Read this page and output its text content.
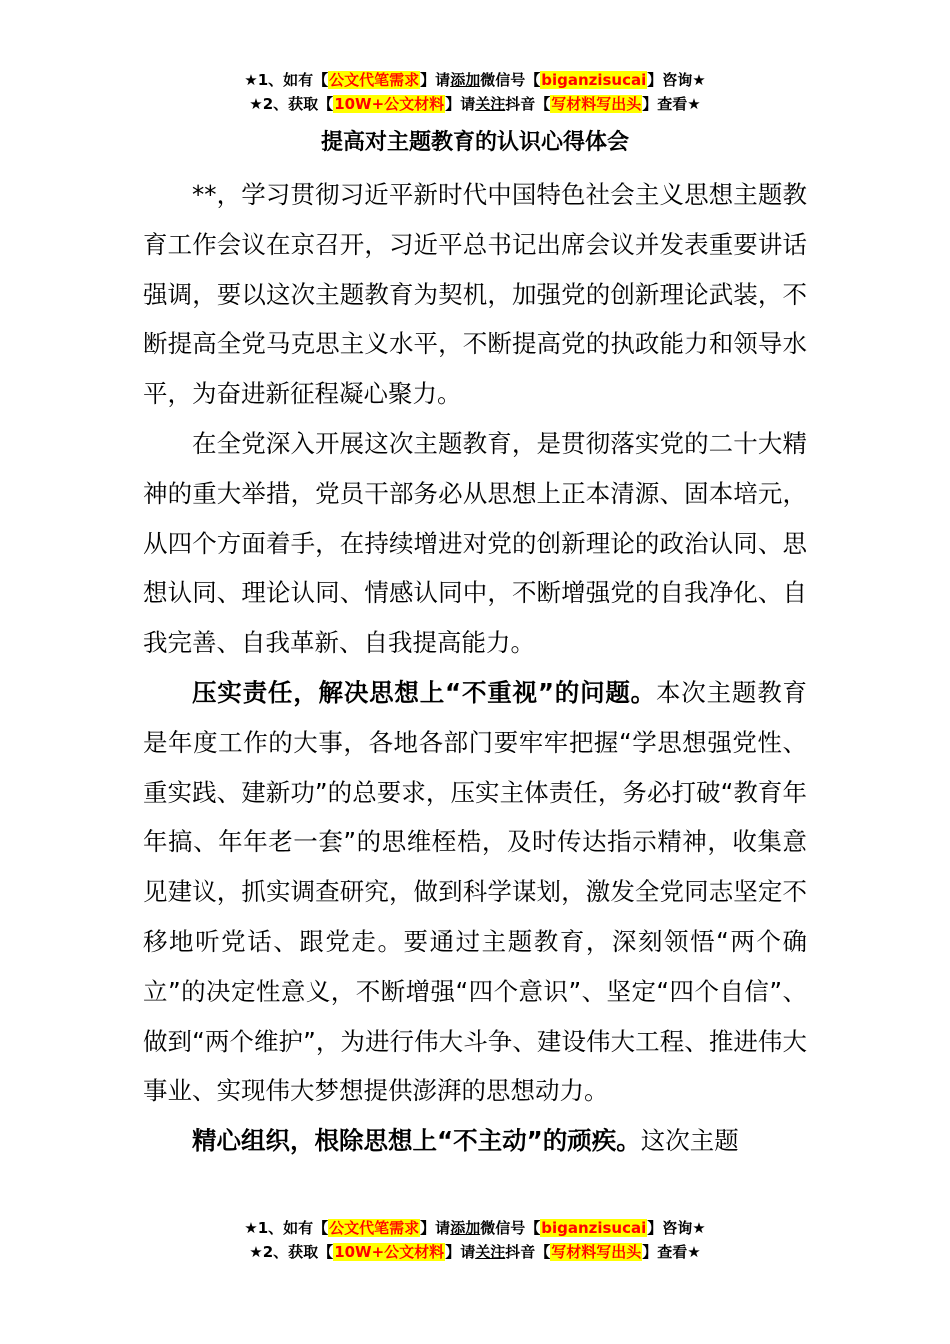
★1、如有【公文代笔需求】请添加微信号【biganzisucai】咨询★
★2、获取【10W+公文材料】请关注抖音【写材料写出头】查看★
提高对主题教育的认识心得体会

**，学习贯彻习近平新时代中国特色社会主义思想主题教育工作会议在京召开，习近平总书记出席会议并发表重要讲话强调，要以这次主题教育为契机，加强党的创新理论武装，不断提高全党马克思主义水平，不断提高党的执政能力和领导水平，为奋进新征程凝心聚力。

在全党深入开展这次主题教育，是贯彻落实党的二十大精神的重大举措，党员干部务必从思想上正本清源、固本培元，从四个方面着手，在持续增进对党的创新理论的政治认同、思想认同、理论认同、情感认同中，不断增强党的自我净化、自我完善、自我革新、自我提高能力。

压实责任，解决思想上“不重视”的问题。本次主题教育是年度工作的大事，各地各部门要牢牢把握“学思想强党性、重实践、建新功”的总要求，压实主体责任，务必打破“教育年年搞、年年老一套”的思维桎梏，及时传达指示精神，收集意见建议，抓实调查研究，做到科学谋划，激发全党同志坚定不移地听党话、跟党走。要通过主题教育，深刻领悟“两个确立”的决定性意义，不断增强“四个意识”、坚定“四个自信”、做到“两个维护”，为进行伟大斗争、建设伟大工程、推进伟大事业、实现伟大梦想提供澎湃的思想动力。

精心组织，根除思想上“不主动”的顽疾。这次主题

★1、如有【公文代笔需求】请添加微信号【biganzisucai】咨询★
★2、获取【10W+公文材料】请关注抖音【写材料写出头】查看★
